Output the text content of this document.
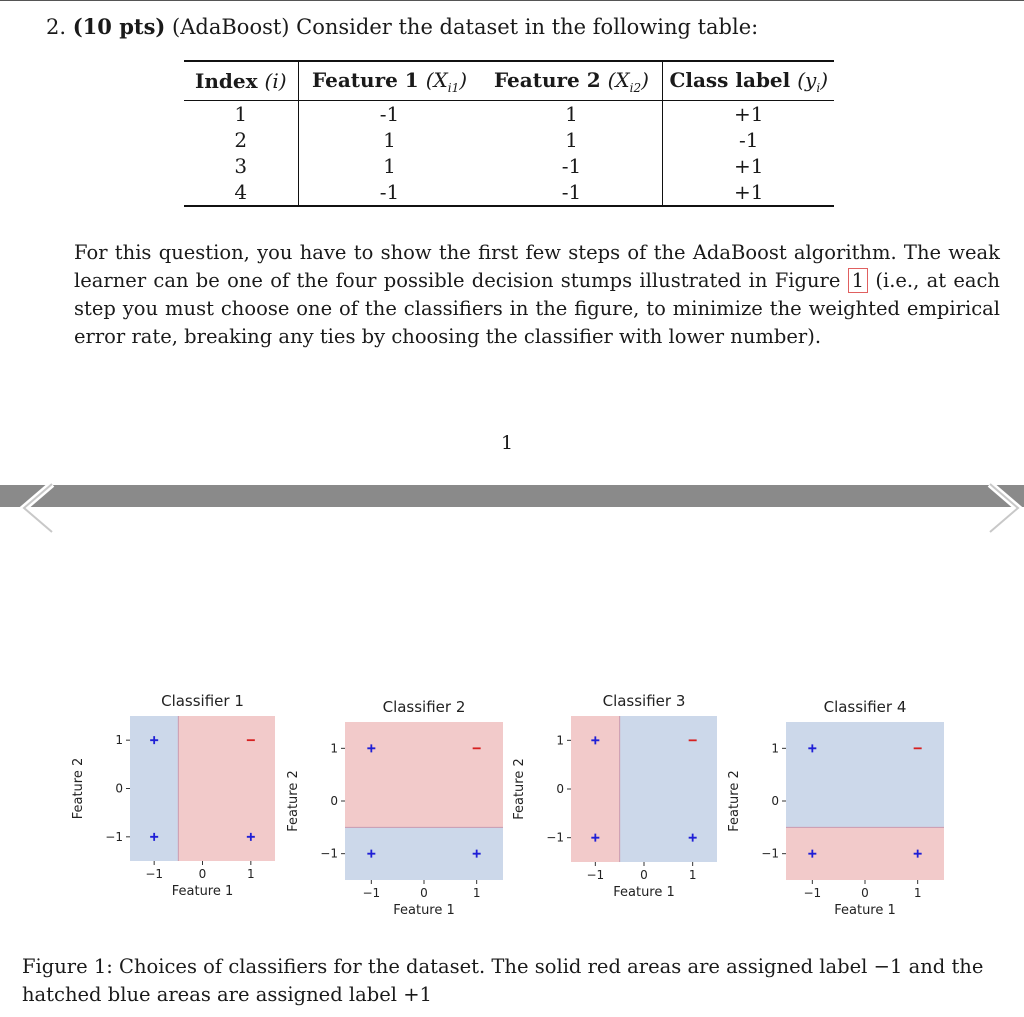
2. (10 pts) (AdaBoost) Consider the dataset in the following table:
Index (i)	Feature 1 $(X_{i1})$	Feature 2 $(X_{i2})$	Class label $(y_i)$
1	-1	1	+1
2	1	1	-1
3	1	-1	+1
4	-1	-1	+1
For this question, you have to show the first few steps of the AdaBoost algorithm. The weak learner can be one of the four possible decision stumps illustrated in Figure 1 (i.e., at each step you must choose one of the classifiers in the figure, to minimize the weighted empirical error rate, breaking any ties by choosing the classifier with lower number).
1
Classifier 1
−1
−1
0
0
1
1
Feature 1
Feature 2
Classifier 2
−1
−1
0
0
1
1
Feature 1
Feature 2
Classifier 3
−1
−1
0
0
1
1
Feature 1
Feature 2
Classifier 4
−1
−1
0
0
1
1
Feature 1
Feature 2
Figure 1: Choices of classifiers for the dataset. The solid red areas are assigned label −1 and the hatched blue areas are assigned label +1
